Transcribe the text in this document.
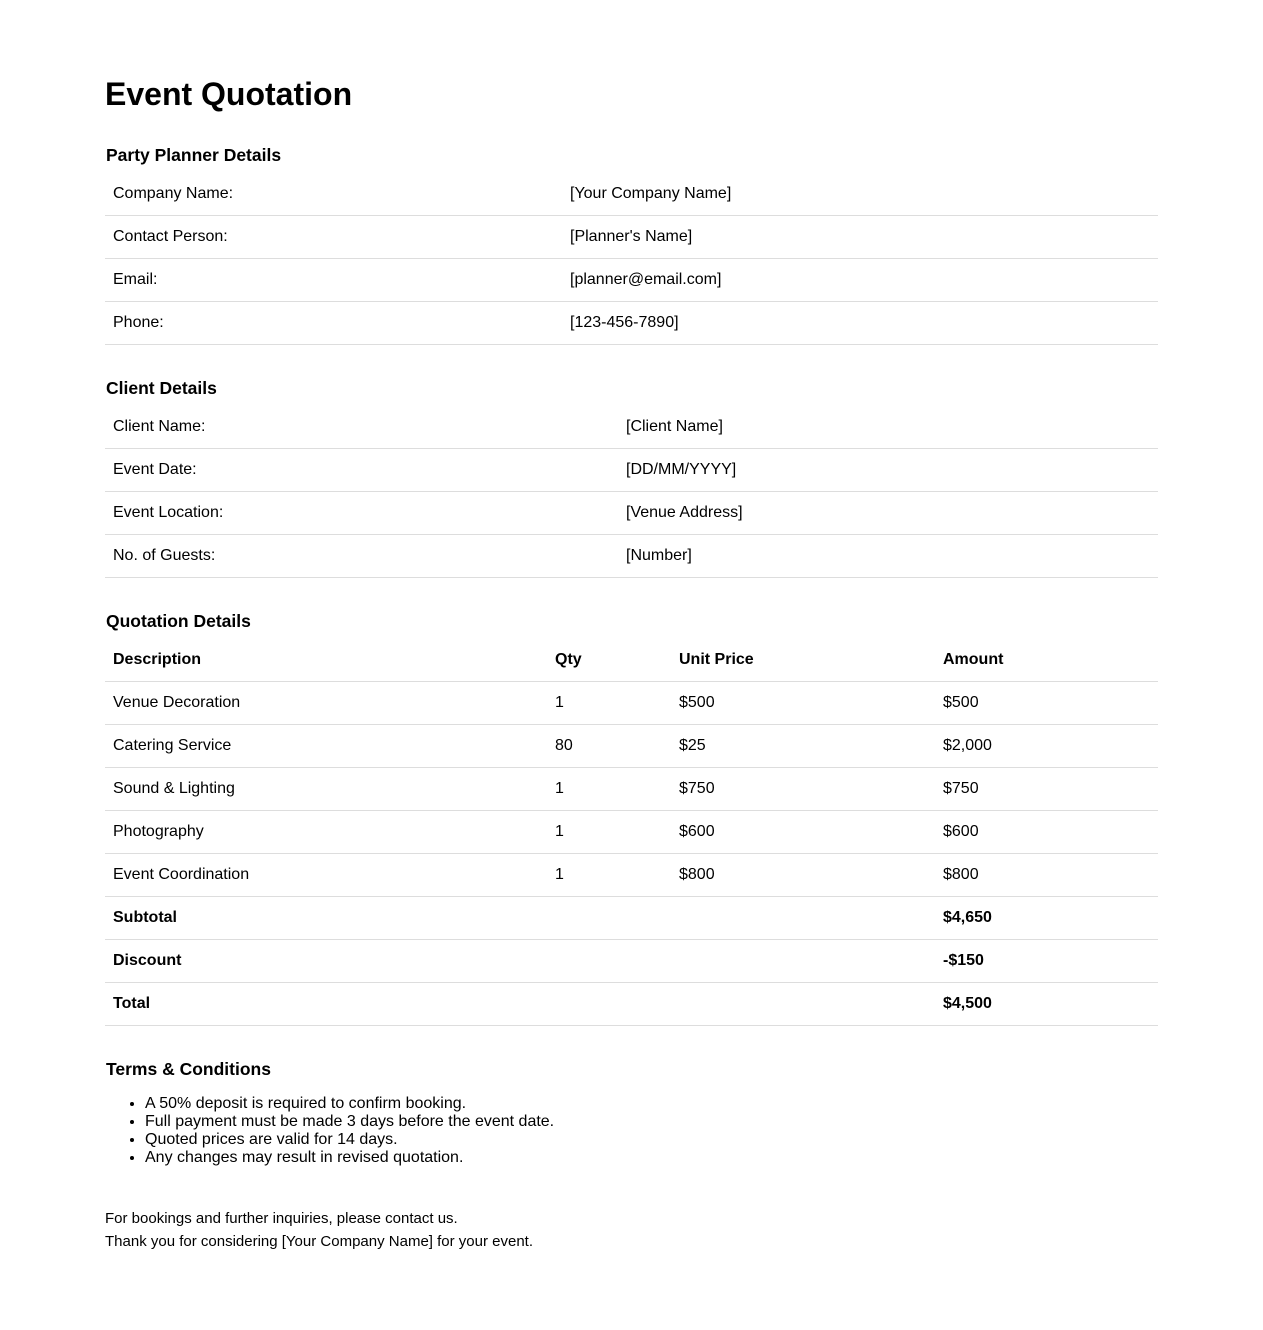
Event Quotation
Party Planner Details
Company Name:	[Your Company Name]
Contact Person:	[Planner's Name]
Email:	[planner@email.com]
Phone:	[123-456-7890]
Client Details
Client Name:	[Client Name]
Event Date:	[DD/MM/YYYY]
Event Location:	[Venue Address]
No. of Guests:	[Number]
Quotation Details
Description	Qty	Unit Price	Amount
Venue Decoration	1	$500	$500
Catering Service	80	$25	$2,000
Sound & Lighting	1	$750	$750
Photography	1	$600	$600
Event Coordination	1	$800	$800
Subtotal			$4,650
Discount			-$150
Total			$4,500
Terms & Conditions
• A 50% deposit is required to confirm booking.
• Full payment must be made 3 days before the event date.
• Quoted prices are valid for 14 days.
• Any changes may result in revised quotation.

For bookings and further inquiries, please contact us.

Thank you for considering [Your Company Name] for your event.
